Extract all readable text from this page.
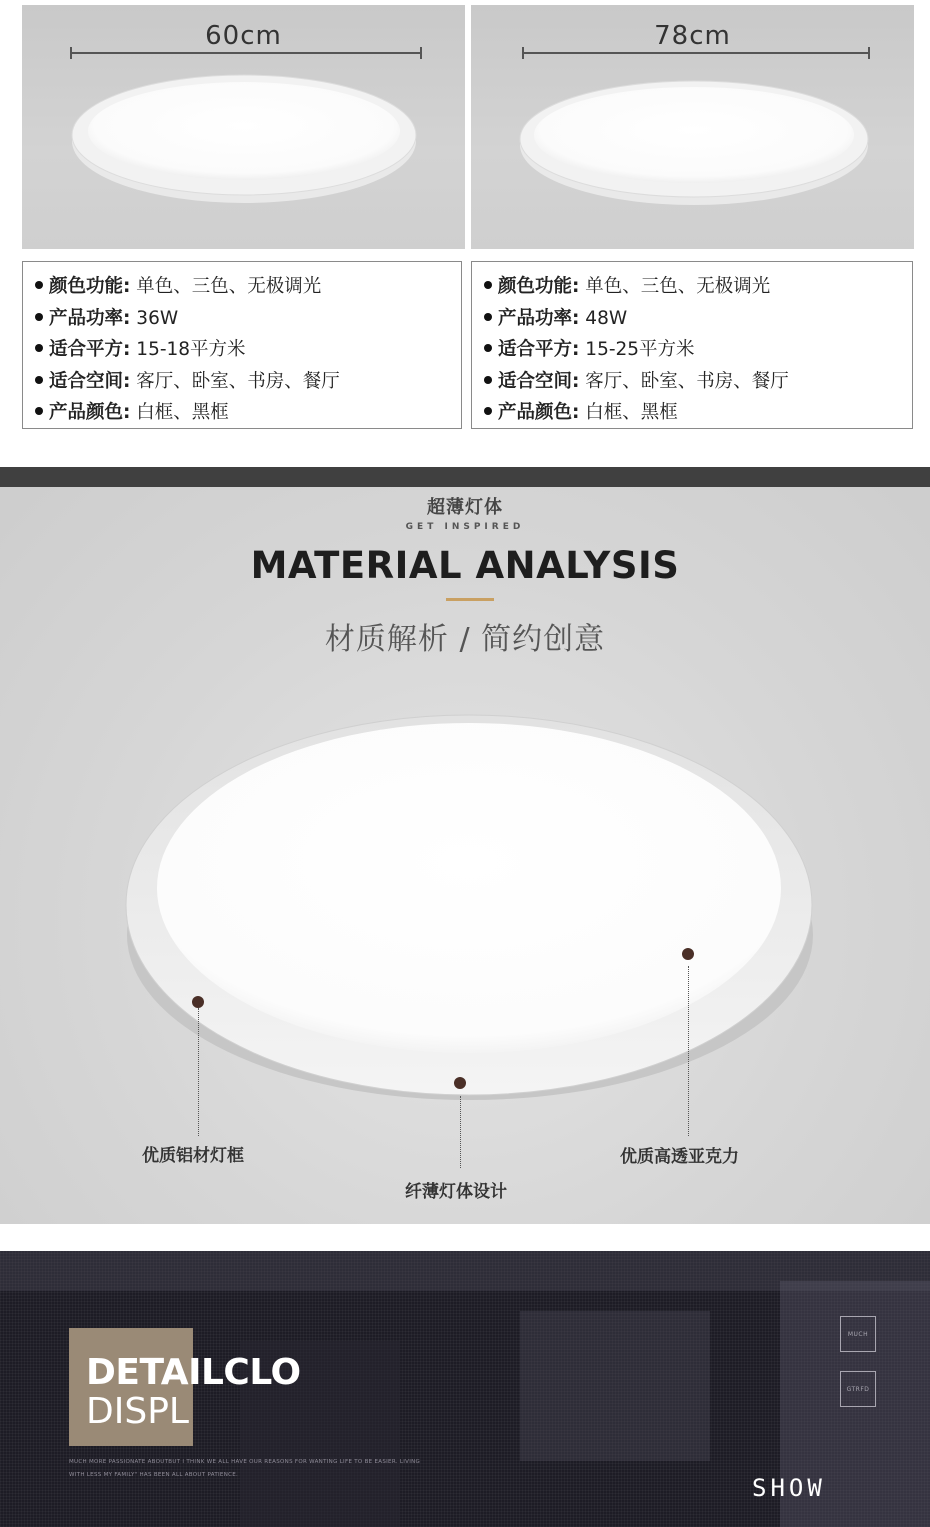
60cm	78cm
颜色功能: 单色、三色、无极调光
产品功率: 36W
适合平方: 15-18平方米
适合空间: 客厅、卧室、书房、餐厅
产品颜色: 白框、黑框
颜色功能: 单色、三色、无极调光
产品功率: 48W
适合平方: 15-25平方米
适合空间: 客厅、卧室、书房、餐厅
产品颜色: 白框、黑框
超薄灯体
GET INSPIRED
MATERIAL ANALYSIS
材质解析 / 简约创意
优质铝材灯框
纤薄灯体设计
优质高透亚克力
DETAILCLO
DISPL
MUCH MORE PASSIONATE ABOUTBUT I THINK WE ALL HAVE OUR REASONS FOR WANTING LIFE TO BE EASIER. LIVING
WITH LESS MY FAMILY" HAS BEEN ALL ABOUT PATIENCE.
MUCH
GTRFD
SHOW
